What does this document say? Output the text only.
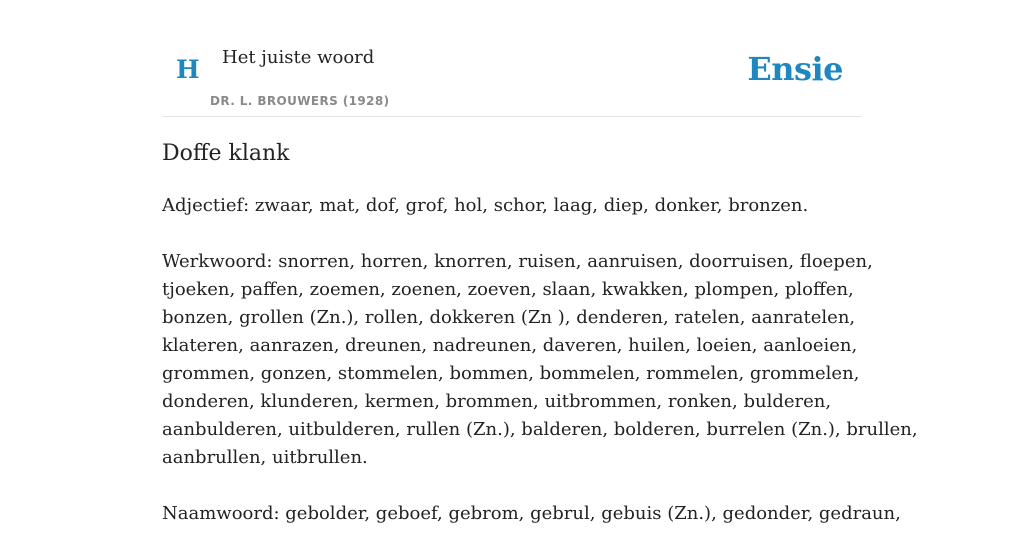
H Het juiste woord
DR. L. BROUWERS (1928)
Ensie
Doffe klank

Adjectief: zwaar, mat, dof, grof, hol, schor, laag, diep, donker, bronzen.

Werkwoord: snorren, horren, knorren, ruisen, aanruisen, doorruisen, floepen,
tjoeken, paffen, zoemen, zoenen, zoeven, slaan, kwakken, plompen, ploffen,
bonzen, grollen (Zn.), rollen, dokkeren (Zn ), denderen, ratelen, aanratelen,
klateren, aanrazen, dreunen, nadreunen, daveren, huilen, loeien, aanloeien,
grommen, gonzen, stommelen, bommen, bommelen, rommelen, grommelen,
donderen, klunderen, kermen, brommen, uitbrommen, ronken, bulderen,
aanbulderen, uitbulderen, rullen (Zn.), balderen, bolderen, burrelen (Zn.), brullen,
aanbrullen, uitbrullen.

Naamwoord: gebolder, geboef, gebrom, gebrul, gebuis (Zn.), gedonder, gedraun,
